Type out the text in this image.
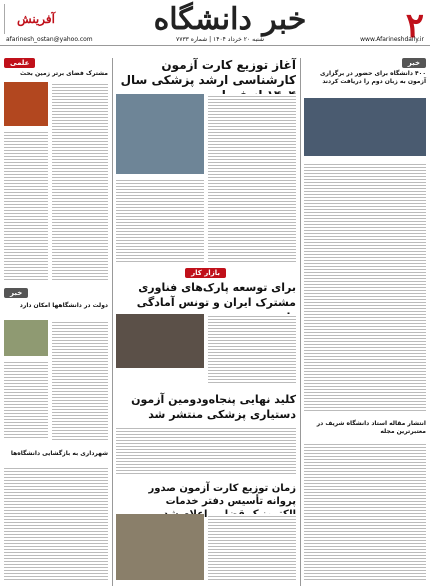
۲
خبر دانشگاه
آفرینش
afarinesh_ostan@yahoo.com	شنبه ۲۰ خرداد ۱۴۰۴ | شماره ۷۷۳۳	www.Afarineshdaily.ir
خبر
۴۰۰ دانشگاه برای حضور در برگزاری آزمون به زبان دوم را دریافت کردند
انتشار مقاله استاد دانشگاه شریف در معتبرترین مجله
آغاز توزیع کارت آزمون کارشناسی ارشد پزشکی سال
بازار کار
برای توسعه پارک‌های فناوری مشترک ایران و تونس آمادگی
کلید نهایی پنجاه‌ودومین آزمون دستیاری پزشکی منتشر شد
زمان توزیع کارت آزمون صدور پروانه تأسیس دفتر خدمات
علمی
مشترک فضای برتر زمین بحث
خبر
دولت در دانشگاهها امکان دارد
شهرداری به بازگشایی دانشگاه‌ها
